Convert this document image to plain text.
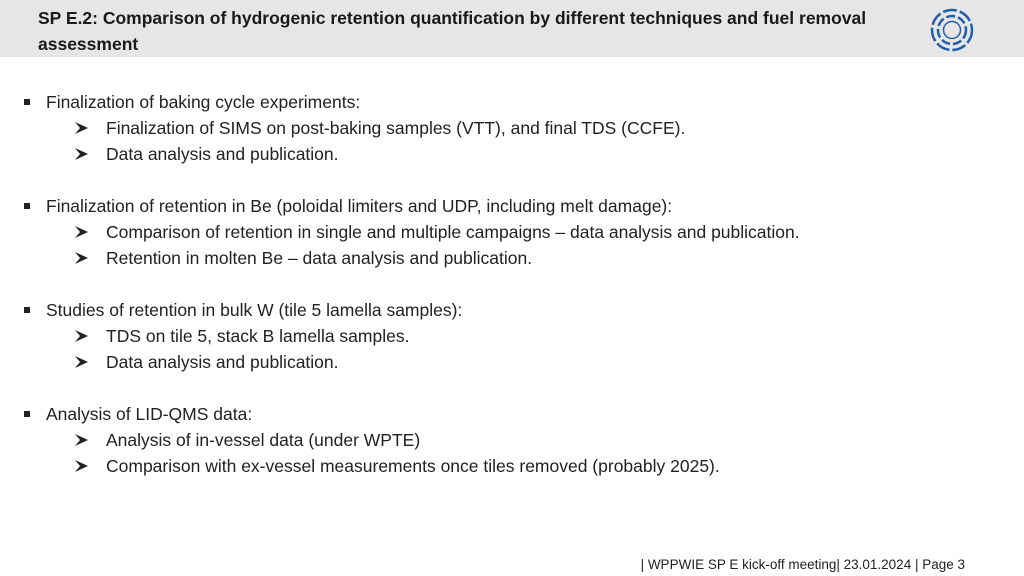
SP E.2: Comparison of hydrogenic retention quantification by different techniques and fuel removal assessment
Finalization of baking cycle experiments:
Finalization of SIMS on post-baking samples (VTT), and final TDS (CCFE).
Data analysis and publication.
Finalization of retention in Be (poloidal limiters and UDP, including melt damage):
Comparison of retention in single and multiple campaigns – data analysis and publication.
Retention in molten Be – data analysis and publication.
Studies of retention in bulk W (tile 5 lamella samples):
TDS on tile 5, stack B lamella samples.
Data analysis and publication.
Analysis of LID-QMS data:
Analysis of in-vessel data (under WPTE)
Comparison with ex-vessel measurements once tiles removed (probably 2025).
| WPPWIE SP E kick-off meeting| 23.01.2024 | Page 3
